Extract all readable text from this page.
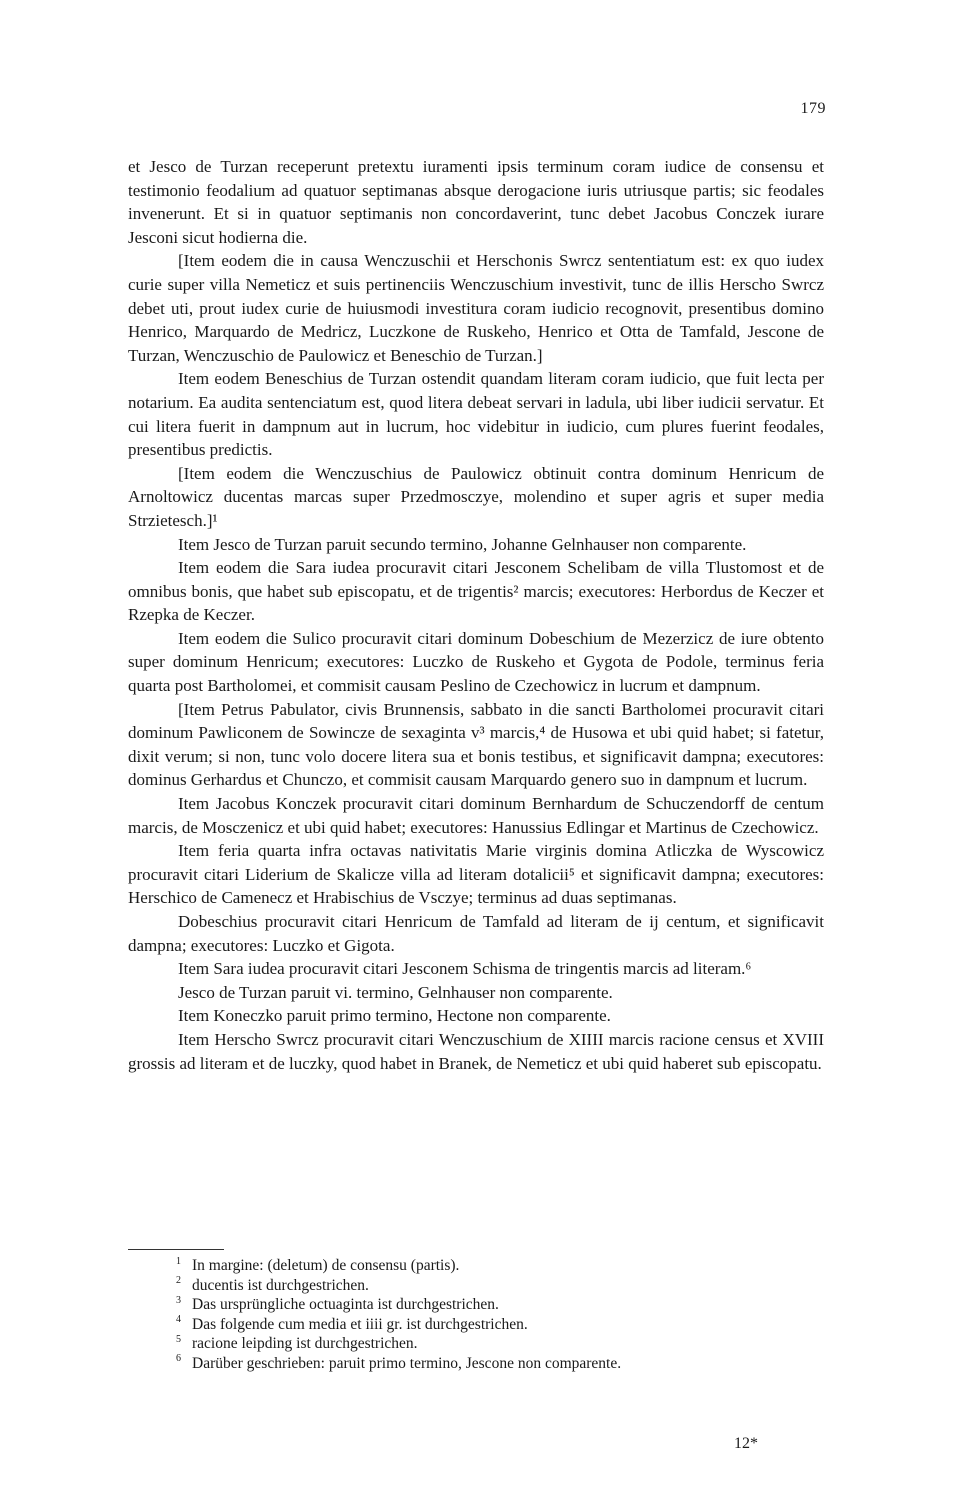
179

et Jesco de Turzan receperunt pretextu iuramenti ipsis terminum coram iudice de consensu et testimonio feodalium ad quatuor septimanas absque derogacione iuris utriusque partis; sic feodales invenerunt. Et si in quatuor septimanis non concordaverint, tunc debet Jacobus Conczek iurare Jesconi sicut hodierna die.

[Item eodem die in causa Wenczuschii et Herschonis Swrcz sententiatum est: ex quo iudex curie super villa Nemeticz et suis pertinenciis Wenczuschium investivit, tunc de illis Herscho Swrcz debet uti, prout iudex curie de huiusmodi investitura coram iudicio recognovit, presentibus domino Henrico, Marquardo de Medricz, Luczkone de Ruskeho, Henrico et Otta de Tamfald, Jescone de Turzan, Wenczuschio de Paulowicz et Beneschio de Turzan.]

Item eodem Beneschius de Turzan ostendit quandam literam coram iudicio, que fuit lecta per notarium. Ea audita sentenciatum est, quod litera debeat servari in ladula, ubi liber iudicii servatur. Et cui litera fuerit in dampnum aut in lucrum, hoc videbitur in iudicio, cum plures fuerint feodales, presentibus predictis.

[Item eodem die Wenczuschius de Paulowicz obtinuit contra dominum Henricum de Arnoltowicz ducentas marcas super Przedmosczye, molendino et super agris et super media Strzietesch.]¹

Item Jesco de Turzan paruit secundo termino, Johanne Gelnhauser non comparente.

Item eodem die Sara iudea procuravit citari Jesconem Schelibam de villa Tlustomost et de omnibus bonis, que habet sub episcopatu, et de trigentis² marcis; executores: Herbordus de Keczer et Rzepka de Keczer.

Item eodem die Sulico procuravit citari dominum Dobeschium de Mezerzicz de iure obtento super dominum Henricum; executores: Luczko de Ruskeho et Gygota de Podole, terminus feria quarta post Bartholomei, et commisit causam Peslino de Czechowicz in lucrum et dampnum.

[Item Petrus Pabulator, civis Brunnensis, sabbato in die sancti Bartholomei procuravit citari dominum Pawliconem de Sowincze de sexaginta v³ marcis,⁴ de Husowa et ubi quid habet; si fatetur, dixit verum; si non, tunc volo docere litera sua et bonis testibus, et significavit dampna; executores: dominus Gerhardus et Chunczo, et commisit causam Marquardo genero suo in dampnum et lucrum.

Item Jacobus Konczek procuravit citari dominum Bernhardum de Schuczendorff de centum marcis, de Mosczenicz et ubi quid habet; executores: Hanussius Edlingar et Martinus de Czechowicz.

Item feria quarta infra octavas nativitatis Marie virginis domina Atliczka de Wyscowicz procuravit citari Liderium de Skalicze villa ad literam dotalicii⁵ et significavit dampna; executores: Herschico de Camenecz et Hrabischius de Vsczye; terminus ad duas septimanas.

Dobeschius procuravit citari Henricum de Tamfald ad literam de ij centum, et significavit dampna; executores: Luczko et Gigota.

Item Sara iudea procuravit citari Jesconem Schisma de tringentis marcis ad literam.⁶

Jesco de Turzan paruit vi. termino, Gelnhauser non comparente.

Item Koneczko paruit primo termino, Hectone non comparente.

Item Herscho Swrcz procuravit citari Wenczuschium de XIIII marcis racione census et XVIII grossis ad literam et de luczky, quod habet in Branek, de Nemeticz et ubi quid haberet sub episcopatu.

1 In margine: (deletum) de consensu (partis).

2 ducentis ist durchgestrichen.

3 Das ursprüngliche octuaginta ist durchgestrichen.

4 Das folgende cum media et iiii gr. ist durchgestrichen.

5 racione leipding ist durchgestrichen.

6 Darüber geschrieben: paruit primo termino, Jescone non comparente.

12*
